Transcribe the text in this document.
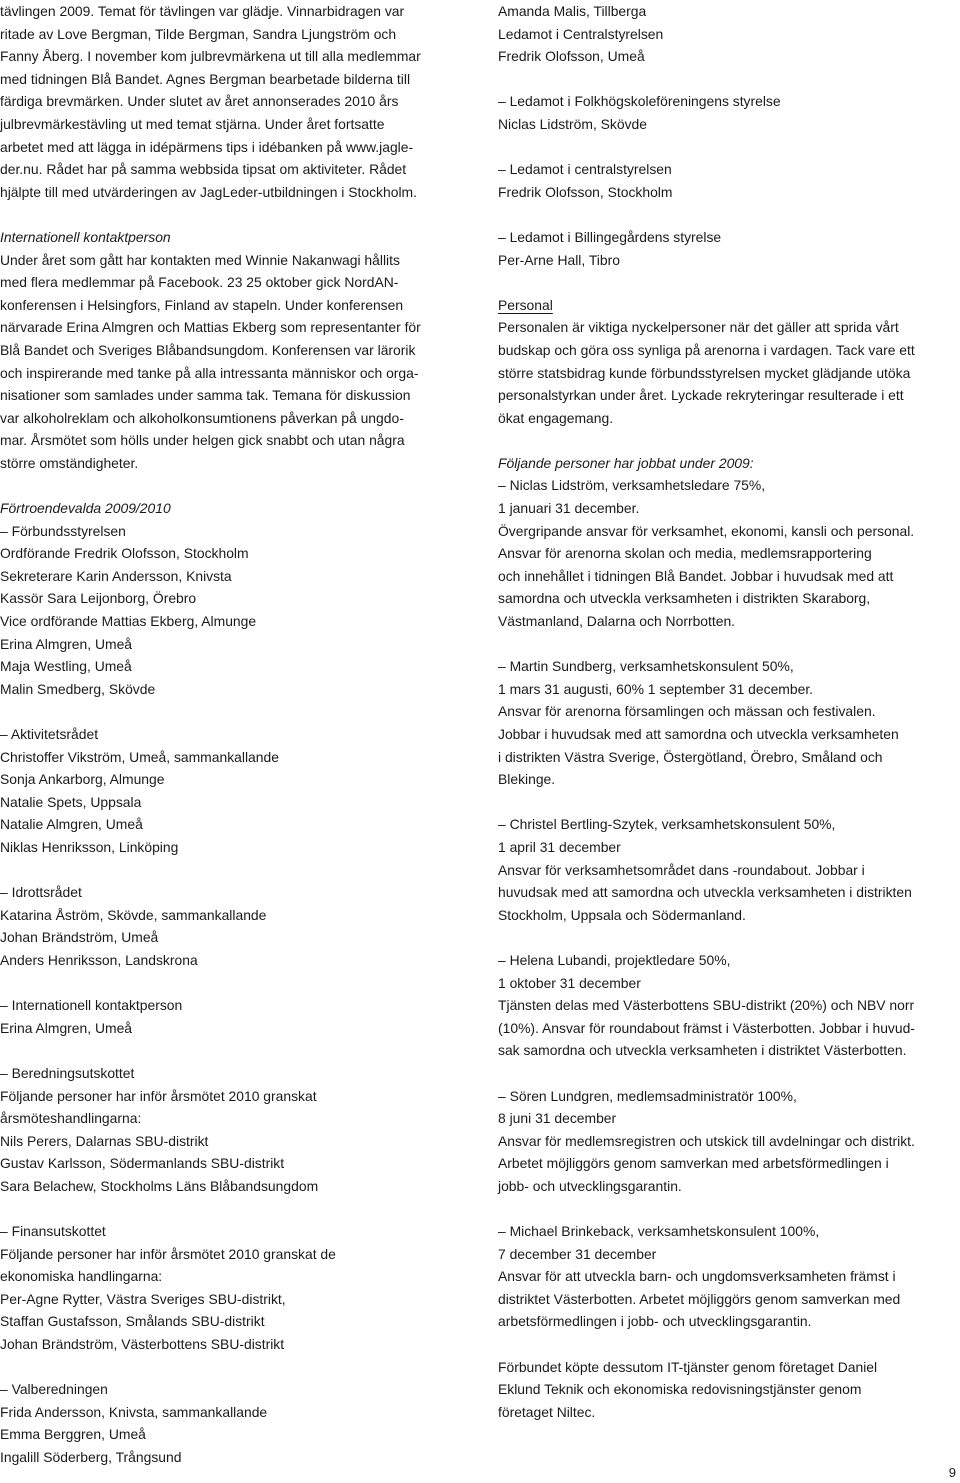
tävlingen 2009. Temat för tävlingen var glädje. Vinnarbidragen var
ritade av Love Bergman, Tilde Bergman, Sandra Ljungström och
Fanny Åberg. I november kom julbrevmärkena ut till alla medlemmar
med tidningen Blå Bandet. Agnes Bergman bearbetade bilderna till
färdiga brevmärken. Under slutet av året annonserades 2010 års
julbrevmärkestävling ut med temat stjärna. Under året fortsatte
arbetet med att lägga in idépärmens tips i idébanken på www.jagle-
der.nu. Rådet har på samma webbsida tipsat om aktiviteter. Rådet
hjälpte till med utvärderingen av JagLeder-utbildningen i Stockholm.
Internationell kontaktperson
Under året som gått har kontakten med Winnie Nakanwagi hållits
med flera medlemmar på Facebook. 23 25 oktober gick NordAN-
konferensen i Helsingfors, Finland av stapeln. Under konferensen
närvarade Erina Almgren och Mattias Ekberg som representanter för
Blå Bandet och Sveriges Blåbandsungdom. Konferensen var lärorik
och inspirerande med tanke på alla intressanta människor och orga-
nisationer som samlades under samma tak. Temana för diskussion
var alkoholreklam och alkoholkonsumtionens påverkan på ungdo-
mar. Årsmötet som hölls under helgen gick snabbt och utan några
större omständigheter.
Förtroendevalda 2009/2010
– Förbundsstyrelsen
Ordförande Fredrik Olofsson, Stockholm
Sekreterare Karin Andersson, Knivsta
Kassör Sara Leijonborg, Örebro
Vice ordförande Mattias Ekberg, Almunge
Erina Almgren, Umeå
Maja Westling, Umeå
Malin Smedberg, Skövde
– Aktivitetsrådet
Christoffer Vikström, Umeå, sammankallande
Sonja Ankarborg, Almunge
Natalie Spets, Uppsala
Natalie Almgren, Umeå
Niklas Henriksson, Linköping
– Idrottsrådet
Katarina Åström, Skövde, sammankallande
Johan Brändström, Umeå
Anders Henriksson, Landskrona
– Internationell kontaktperson
Erina Almgren, Umeå
– Beredningsutskottet
Följande personer har inför årsmötet 2010 granskat
årsmöteshandlingarna:
Nils Perers, Dalarnas SBU-distrikt
Gustav Karlsson, Södermanlands SBU-distrikt
Sara Belachew, Stockholms Läns Blåbandsungdom
– Finansutskottet
Följande personer har inför årsmötet 2010 granskat de
ekonomiska handlingarna:
Per-Agne Rytter, Västra Sveriges SBU-distrikt,
Staffan Gustafsson, Smålands SBU-distrikt
Johan Brändström, Västerbottens SBU-distrikt
– Valberedningen
Frida Andersson, Knivsta, sammankallande
Emma Berggren, Umeå
Ingalill Söderberg, Trångsund
Amanda Malis, Tillberga
Ledamot i Centralstyrelsen
Fredrik Olofsson, Umeå
– Ledamot i Folkhögskoleföreningens styrelse
Niclas Lidström, Skövde
– Ledamot i centralstyrelsen
Fredrik Olofsson, Stockholm
– Ledamot i Billingegårdens styrelse
Per-Arne Hall, Tibro
Personal
Personalen är viktiga nyckelpersoner när det gäller att sprida vårt
budskap och göra oss synliga på arenorna i vardagen. Tack vare ett
större statsbidrag kunde förbundsstyrelsen mycket glädjande utöka
personalstyrkan under året. Lyckade rekryteringar resulterade i ett
ökat engagemang.
Följande personer har jobbat under 2009:
– Niclas Lidström, verksamhetsledare 75%,
1 januari 31 december.
Övergripande ansvar för verksamhet, ekonomi, kansli och personal.
Ansvar för arenorna skolan och media, medlemsrapportering
och innehållet i tidningen Blå Bandet. Jobbar i huvudsak med att
samordna och utveckla verksamheten i distrikten Skaraborg,
Västmanland, Dalarna och Norrbotten.
– Martin Sundberg, verksamhetskonsulent 50%,
1 mars 31 augusti, 60% 1 september 31 december.
Ansvar för arenorna församlingen och mässan och festivalen.
Jobbar i huvudsak med att samordna och utveckla verksamheten
i distrikten Västra Sverige, Östergötland, Örebro, Småland och
Blekinge.
– Christel Bertling-Szytek, verksamhetskonsulent 50%,
1 april 31 december
Ansvar för verksamhetsområdet dans -roundabout. Jobbar i
huvudsak med att samordna och utveckla verksamheten i distrikten
Stockholm, Uppsala och Södermanland.
– Helena Lubandi, projektledare 50%,
1 oktober 31 december
Tjänsten delas med Västerbottens SBU-distrikt (20%) och NBV norr
(10%). Ansvar för roundabout främst i Västerbotten. Jobbar i huvud-
sak samordna och utveckla verksamheten i distriktet Västerbotten.
– Sören Lundgren, medlemsadministratör 100%,
8 juni 31 december
Ansvar för medlemsregistren och utskick till avdelningar och distrikt.
Arbetet möjliggörs genom samverkan med arbetsförmedlingen i
jobb- och utvecklingsgarantin.
– Michael Brinkeback, verksamhetskonsulent 100%,
7 december 31 december
Ansvar för att utveckla barn- och ungdomsverksamheten främst i
distriktet Västerbotten. Arbetet möjliggörs genom samverkan med
arbetsförmedlingen i jobb- och utvecklingsgarantin.
Förbundet köpte dessutom IT-tjänster genom företaget Daniel
Eklund Teknik och ekonomiska redovisningstjänster genom
företaget Niltec.
9
